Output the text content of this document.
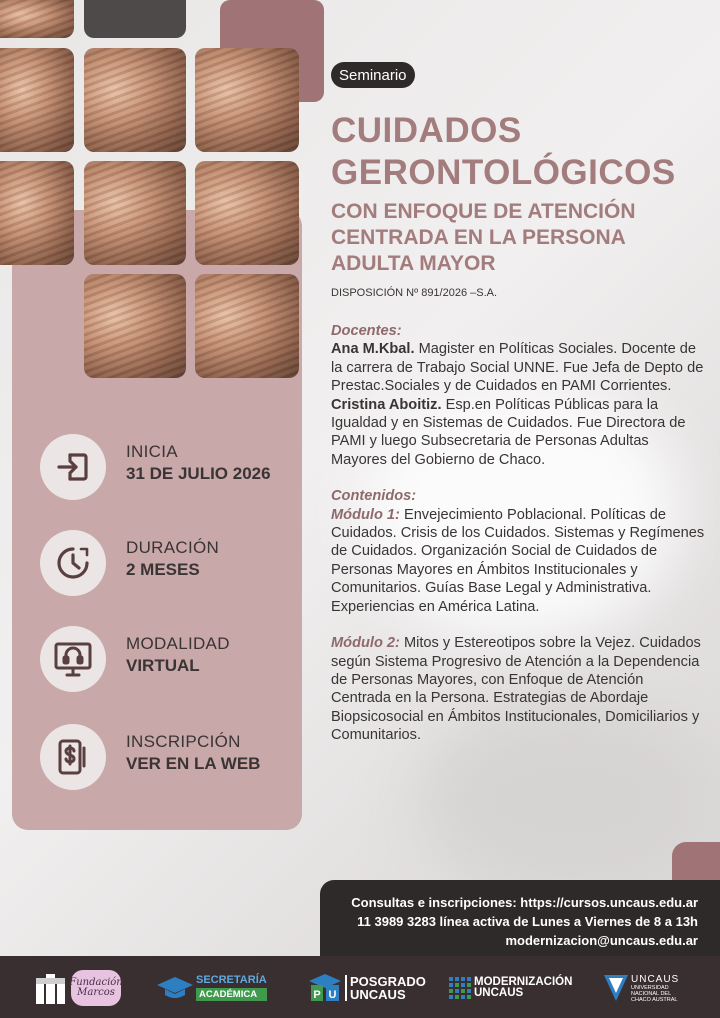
INICIA
31 DE JULIO 2026
DURACIÓN
2 MESES
MODALIDAD
VIRTUAL
INSCRIPCIÓN
VER EN LA WEB
Seminario
CUIDADOS
GERONTOLÓGICOS
CON ENFOQUE DE ATENCIÓN
CENTRADA EN LA PERSONA
ADULTA MAYOR
DISPOSICIÓN Nº 891/2026 –S.A.
Docentes:
Ana M.Kbal. Magister en Políticas Sociales. Docente de la carrera de Trabajo Social UNNE. Fue Jefa de Depto de Prestac.Sociales y de Cuidados en PAMI Corrientes.
Cristina Aboitiz. Esp.en Políticas Públicas para la Igualdad y en Sistemas de Cuidados. Fue Directora de PAMI y luego Subsecretaria de Personas Adultas Mayores del Gobierno de Chaco.
Contenidos:
Módulo 1: Envejecimiento Poblacional. Políticas de Cuidados. Crisis de los Cuidados. Sistemas y Regímenes de Cuidados. Organización Social de Cuidados de Personas Mayores en Ámbitos Institucionales y Comunitarios. Guías Base Legal y Administrativa. Experiencias en América Latina.
Módulo 2: Mitos y Estereotipos sobre la Vejez. Cuidados según Sistema Progresivo de Atención a la Dependencia de Personas Mayores, con Enfoque de Atención Centrada en la Persona. Estrategias de Abordaje Biopsicosocial en Ámbitos Institucionales, Domiciliarios y Comunitarios.
Consultas e inscripciones: https://cursos.uncaus.edu.ar
11 3989 3283 línea activa de Lunes a Viernes de 8 a 13h
modernizacion@uncaus.edu.ar
Fundación Marcos
SECRETARÍA
ACADÉMICA	P U
POSGRADO
UNCAUS
MODERNIZACIÓN
UNCAUS
UNCAUS
UNIVERSIDAD
NACIONAL DEL
CHACO AUSTRAL
